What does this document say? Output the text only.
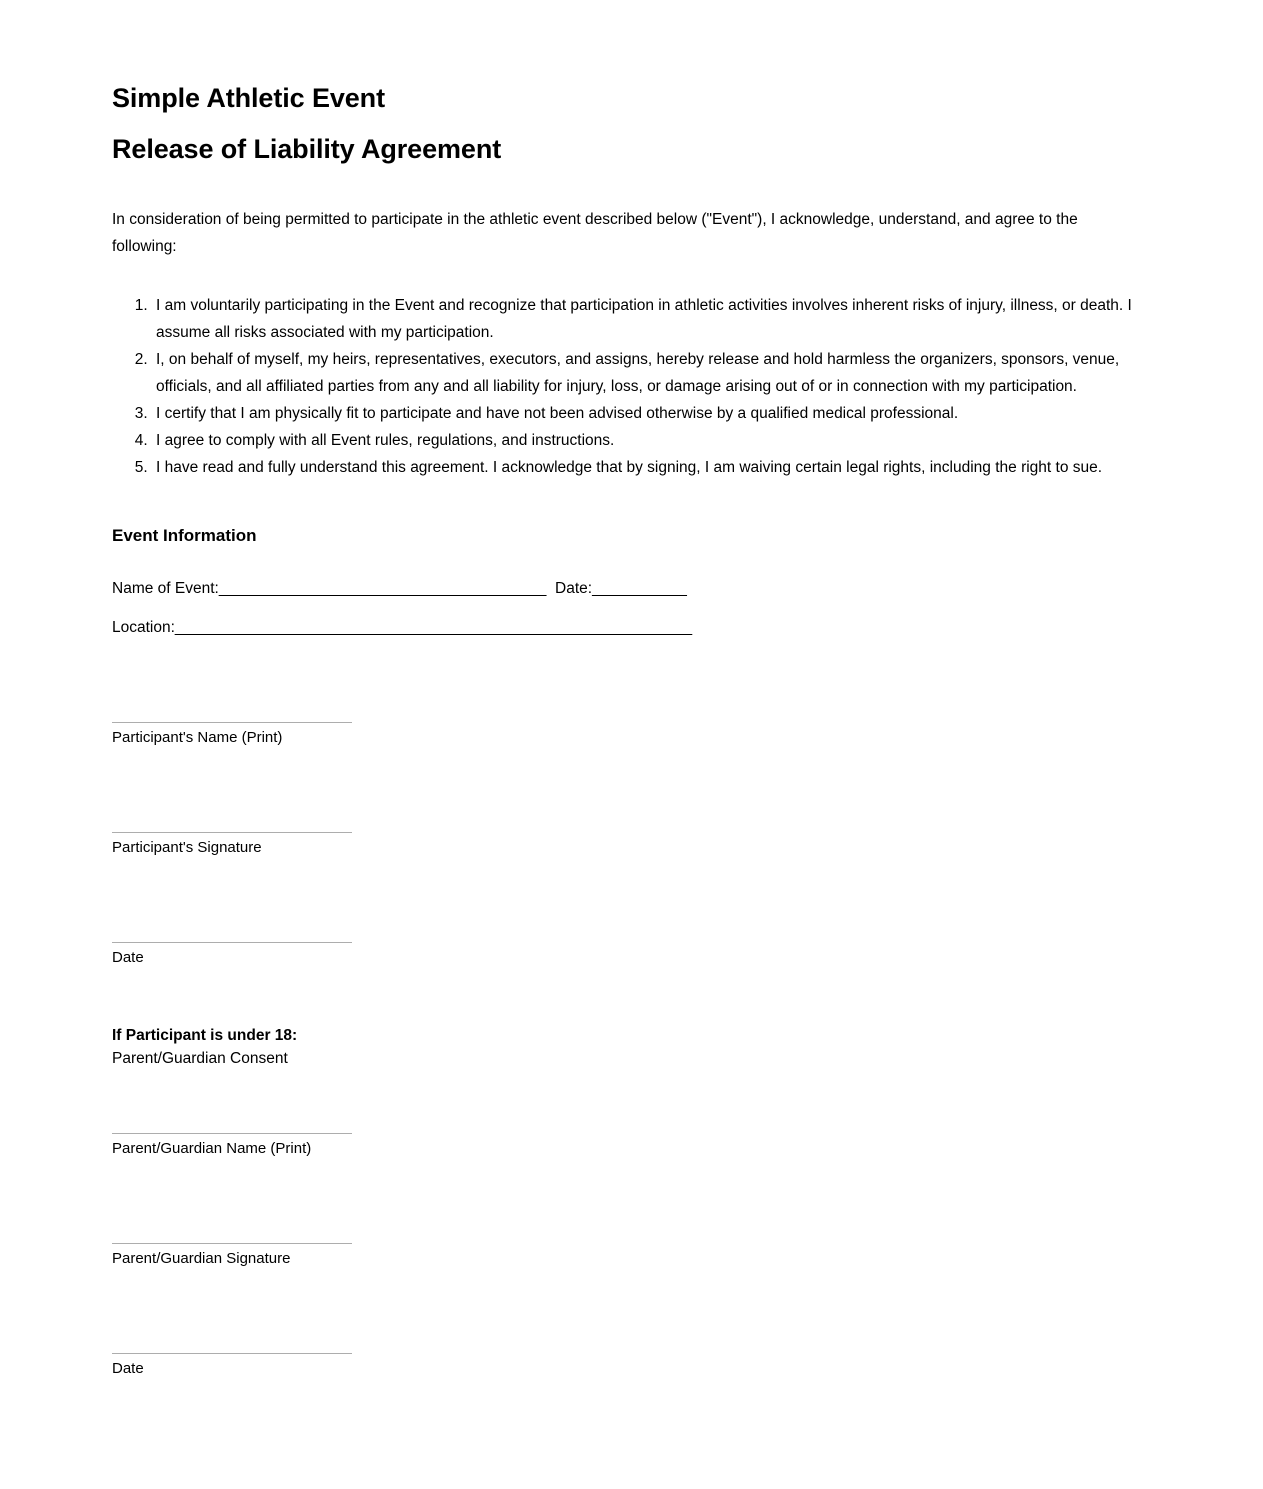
Simple Athletic Event
Release of Liability Agreement

In consideration of being permitted to participate in the athletic event described below ("Event"), I acknowledge, understand, and agree to the following:

1. I am voluntarily participating in the Event and recognize that participation in athletic activities involves inherent risks of injury, illness, or death. I assume all risks associated with my participation.
2. I, on behalf of myself, my heirs, representatives, executors, and assigns, hereby release and hold harmless the organizers, sponsors, venue, officials, and all affiliated parties from any and all liability for injury, loss, or damage arising out of or in connection with my participation.
3. I certify that I am physically fit to participate and have not been advised otherwise by a qualified medical professional.
4. I agree to comply with all Event rules, regulations, and instructions.
5. I have read and fully understand this agreement. I acknowledge that by signing, I am waiving certain legal rights, including the right to sue.
Event Information
Name of Event:______________________________________ Date:___________
Location:____________________________________________________________

Participant's Name (Print)

Participant's Signature

Date

If Participant is under 18:

Parent/Guardian Consent

Parent/Guardian Name (Print)

Parent/Guardian Signature

Date
